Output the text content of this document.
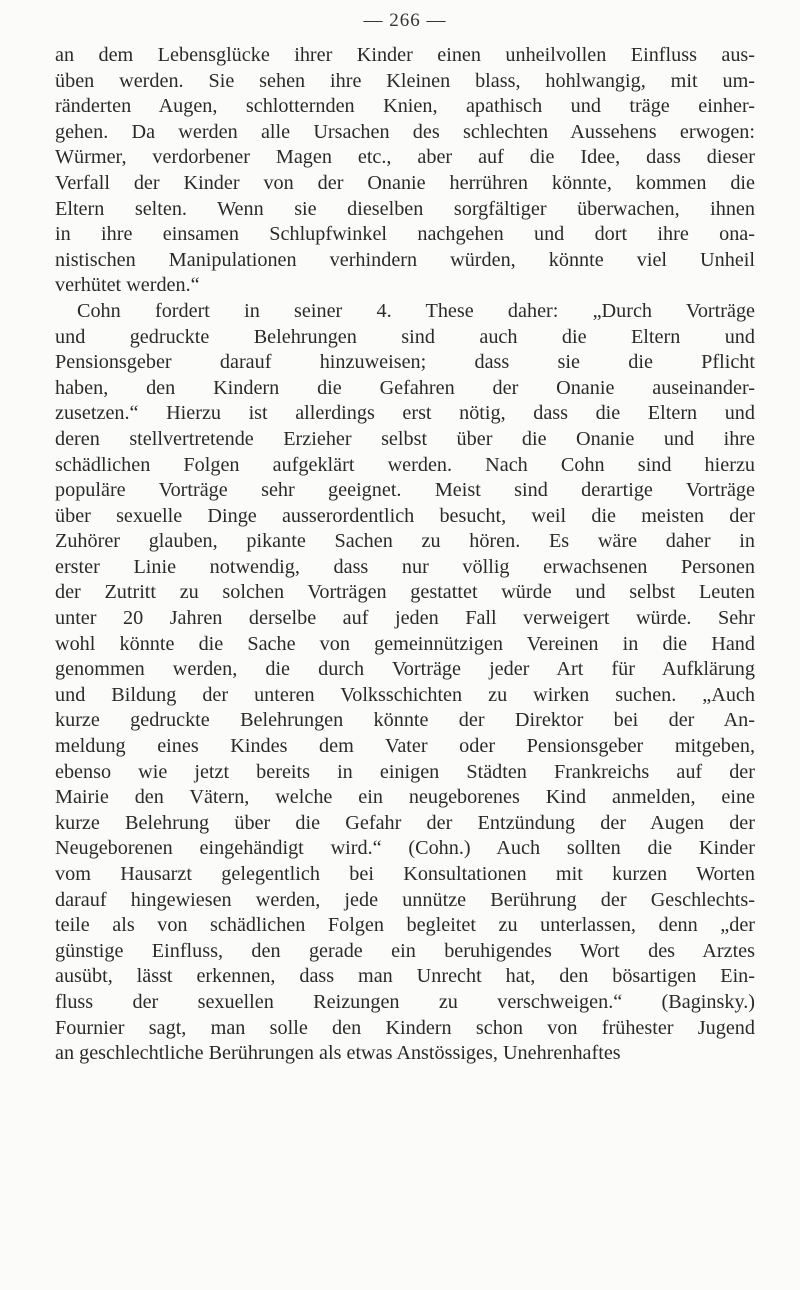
— 266 —
an dem Lebensglücke ihrer Kinder einen unheilvollen Einfluss aus-
üben werden. Sie sehen ihre Kleinen blass, hohlwangig, mit um-
ränderten Augen, schlotternden Knien, apathisch und träge einher-
gehen. Da werden alle Ursachen des schlechten Aussehens erwogen:
Würmer, verdorbener Magen etc., aber auf die Idee, dass dieser
Verfall der Kinder von der Onanie herrühren könnte, kommen die
Eltern selten. Wenn sie dieselben sorgfältiger überwachen, ihnen
in ihre einsamen Schlupfwinkel nachgehen und dort ihre ona-
nistischen Manipulationen verhindern würden, könnte viel Unheil
verhütet werden.“
Cohn fordert in seiner 4. These daher: „Durch Vorträge
und gedruckte Belehrungen sind auch die Eltern und
Pensionsgeber darauf hinzuweisen; dass sie die Pflicht
haben, den Kindern die Gefahren der Onanie auseinander-
zusetzen.“ Hierzu ist allerdings erst nötig, dass die Eltern und
deren stellvertretende Erzieher selbst über die Onanie und ihre
schädlichen Folgen aufgeklärt werden. Nach Cohn sind hierzu
populäre Vorträge sehr geeignet. Meist sind derartige Vorträge
über sexuelle Dinge ausserordentlich besucht, weil die meisten der
Zuhörer glauben, pikante Sachen zu hören. Es wäre daher in
erster Linie notwendig, dass nur völlig erwachsenen Personen
der Zutritt zu solchen Vorträgen gestattet würde und selbst Leuten
unter 20 Jahren derselbe auf jeden Fall verweigert würde. Sehr
wohl könnte die Sache von gemeinnützigen Vereinen in die Hand
genommen werden, die durch Vorträge jeder Art für Aufklärung
und Bildung der unteren Volksschichten zu wirken suchen. „Auch
kurze gedruckte Belehrungen könnte der Direktor bei der An-
meldung eines Kindes dem Vater oder Pensionsgeber mitgeben,
ebenso wie jetzt bereits in einigen Städten Frankreichs auf der
Mairie den Vätern, welche ein neugeborenes Kind anmelden, eine
kurze Belehrung über die Gefahr der Entzündung der Augen der
Neugeborenen eingehändigt wird.“ (Cohn.) Auch sollten die Kinder
vom Hausarzt gelegentlich bei Konsultationen mit kurzen Worten
darauf hingewiesen werden, jede unnütze Berührung der Geschlechts-
teile als von schädlichen Folgen begleitet zu unterlassen, denn „der
günstige Einfluss, den gerade ein beruhigendes Wort des Arztes
ausübt, lässt erkennen, dass man Unrecht hat, den bösartigen Ein-
fluss der sexuellen Reizungen zu verschweigen.“ (Baginsky.)
Fournier sagt, man solle den Kindern schon von frühester Jugend
an geschlechtliche Berührungen als etwas Anstössiges, Unehrenhaftes
